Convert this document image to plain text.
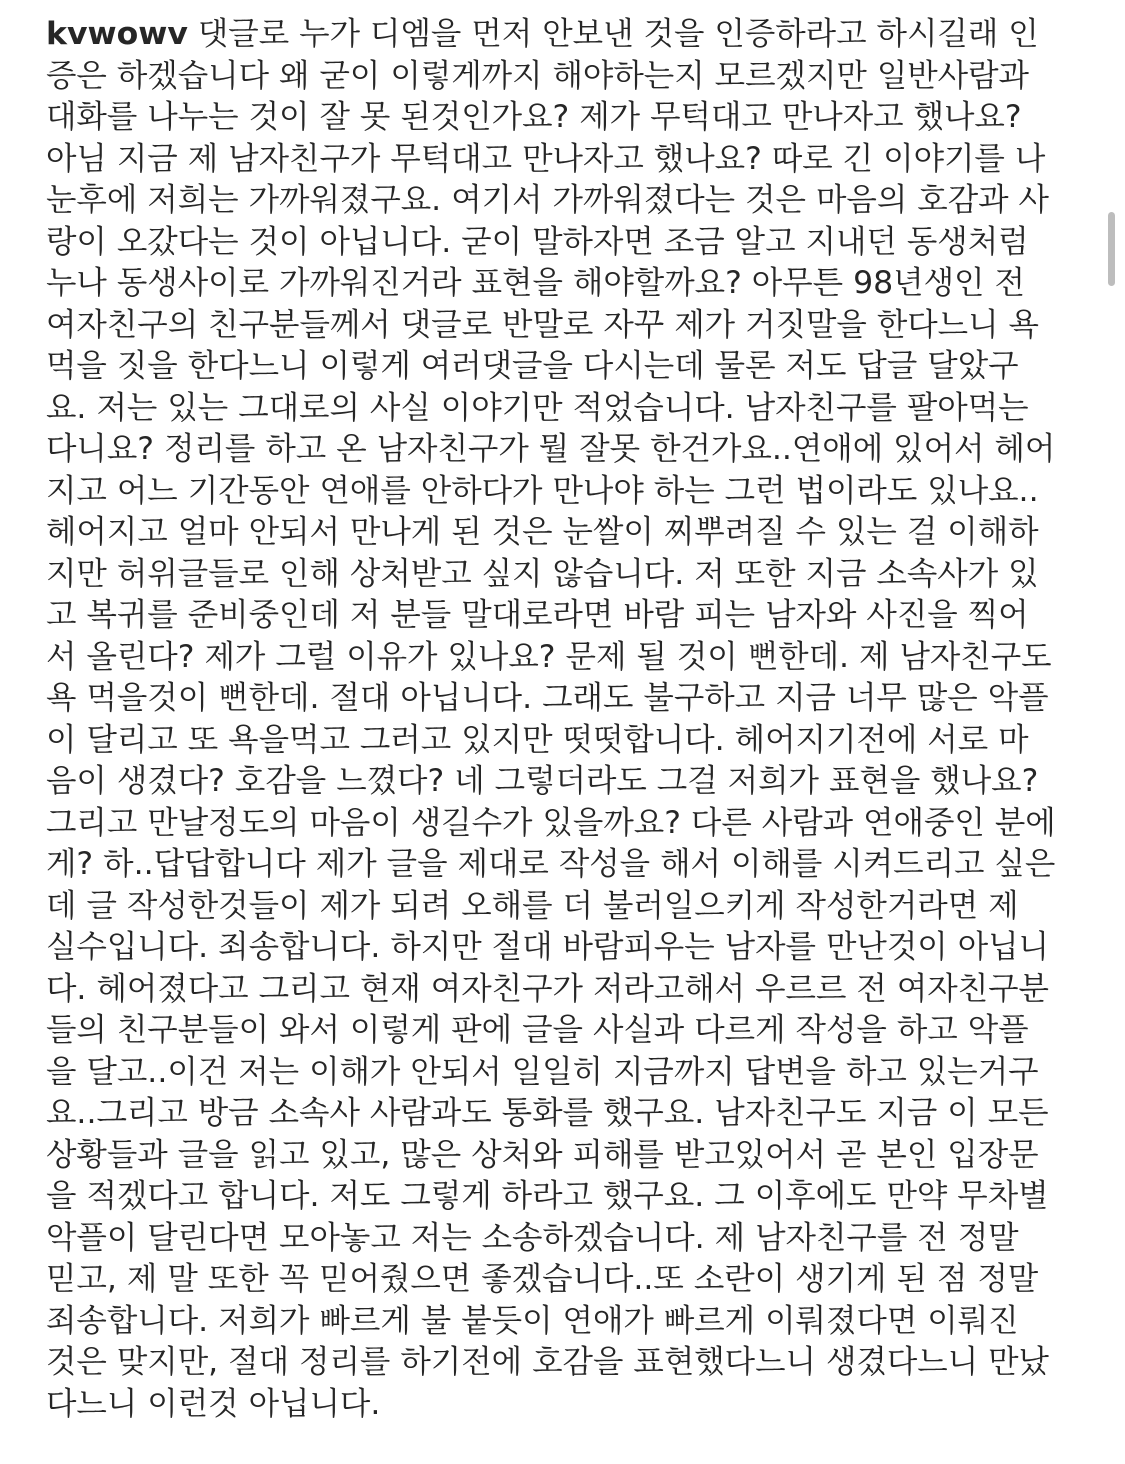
kvwowv 댓글로 누가 디엠을 먼저 안보낸 것을 인증하라고 하시길래 인
증은 하겠습니다 왜 굳이 이렇게까지 해야하는지 모르겠지만 일반사람과
대화를 나누는 것이 잘 못 된것인가요? 제가 무턱대고 만나자고 했나요?
아님 지금 제 남자친구가 무턱대고 만나자고 했나요? 따로 긴 이야기를 나
눈후에 저희는 가까워졌구요. 여기서 가까워졌다는 것은 마음의 호감과 사
랑이 오갔다는 것이 아닙니다. 굳이 말하자면 조금 알고 지내던 동생처럼
누나 동생사이로 가까워진거라 표현을 해야할까요? 아무튼 98년생인 전
여자친구의 친구분들께서 댓글로 반말로 자꾸 제가 거짓말을 한다느니 욕
먹을 짓을 한다느니 이렇게 여러댓글을 다시는데 물론 저도 답글 달았구
요. 저는 있는 그대로의 사실 이야기만 적었습니다. 남자친구를 팔아먹는
다니요? 정리를 하고 온 남자친구가 뭘 잘못 한건가요..연애에 있어서 헤어
지고 어느 기간동안 연애를 안하다가 만나야 하는 그런 법이라도 있나요..
헤어지고 얼마 안되서 만나게 된 것은 눈쌀이 찌뿌려질 수 있는 걸 이해하
지만 허위글들로 인해 상처받고 싶지 않습니다. 저 또한 지금 소속사가 있
고 복귀를 준비중인데 저 분들 말대로라면 바람 피는 남자와 사진을 찍어
서 올린다? 제가 그럴 이유가 있나요? 문제 될 것이 뻔한데. 제 남자친구도
욕 먹을것이 뻔한데. 절대 아닙니다. 그래도 불구하고 지금 너무 많은 악플
이 달리고 또 욕을먹고 그러고 있지만 떳떳합니다. 헤어지기전에 서로 마
음이 생겼다? 호감을 느꼈다? 네 그렇더라도 그걸 저희가 표현을 했나요?
그리고 만날정도의 마음이 생길수가 있을까요? 다른 사람과 연애중인 분에
게? 하..답답합니다 제가 글을 제대로 작성을 해서 이해를 시켜드리고 싶은
데 글 작성한것들이 제가 되려 오해를 더 불러일으키게 작성한거라면 제
실수입니다. 죄송합니다. 하지만 절대 바람피우는 남자를 만난것이 아닙니
다. 헤어졌다고 그리고 현재 여자친구가 저라고해서 우르르 전 여자친구분
들의 친구분들이 와서 이렇게 판에 글을 사실과 다르게 작성을 하고 악플
을 달고..이건 저는 이해가 안되서 일일히 지금까지 답변을 하고 있는거구
요..그리고 방금 소속사 사람과도 통화를 했구요. 남자친구도 지금 이 모든
상황들과 글을 읽고 있고, 많은 상처와 피해를 받고있어서 곧 본인 입장문
을 적겠다고 합니다. 저도 그렇게 하라고 했구요. 그 이후에도 만약 무차별
악플이 달린다면 모아놓고 저는 소송하겠습니다. 제 남자친구를 전 정말
믿고, 제 말 또한 꼭 믿어줬으면 좋겠습니다..또 소란이 생기게 된 점 정말
죄송합니다. 저희가 빠르게 불 붙듯이 연애가 빠르게 이뤄졌다면 이뤄진
것은 맞지만, 절대 정리를 하기전에 호감을 표현했다느니 생겼다느니 만났
다느니 이런것 아닙니다.
